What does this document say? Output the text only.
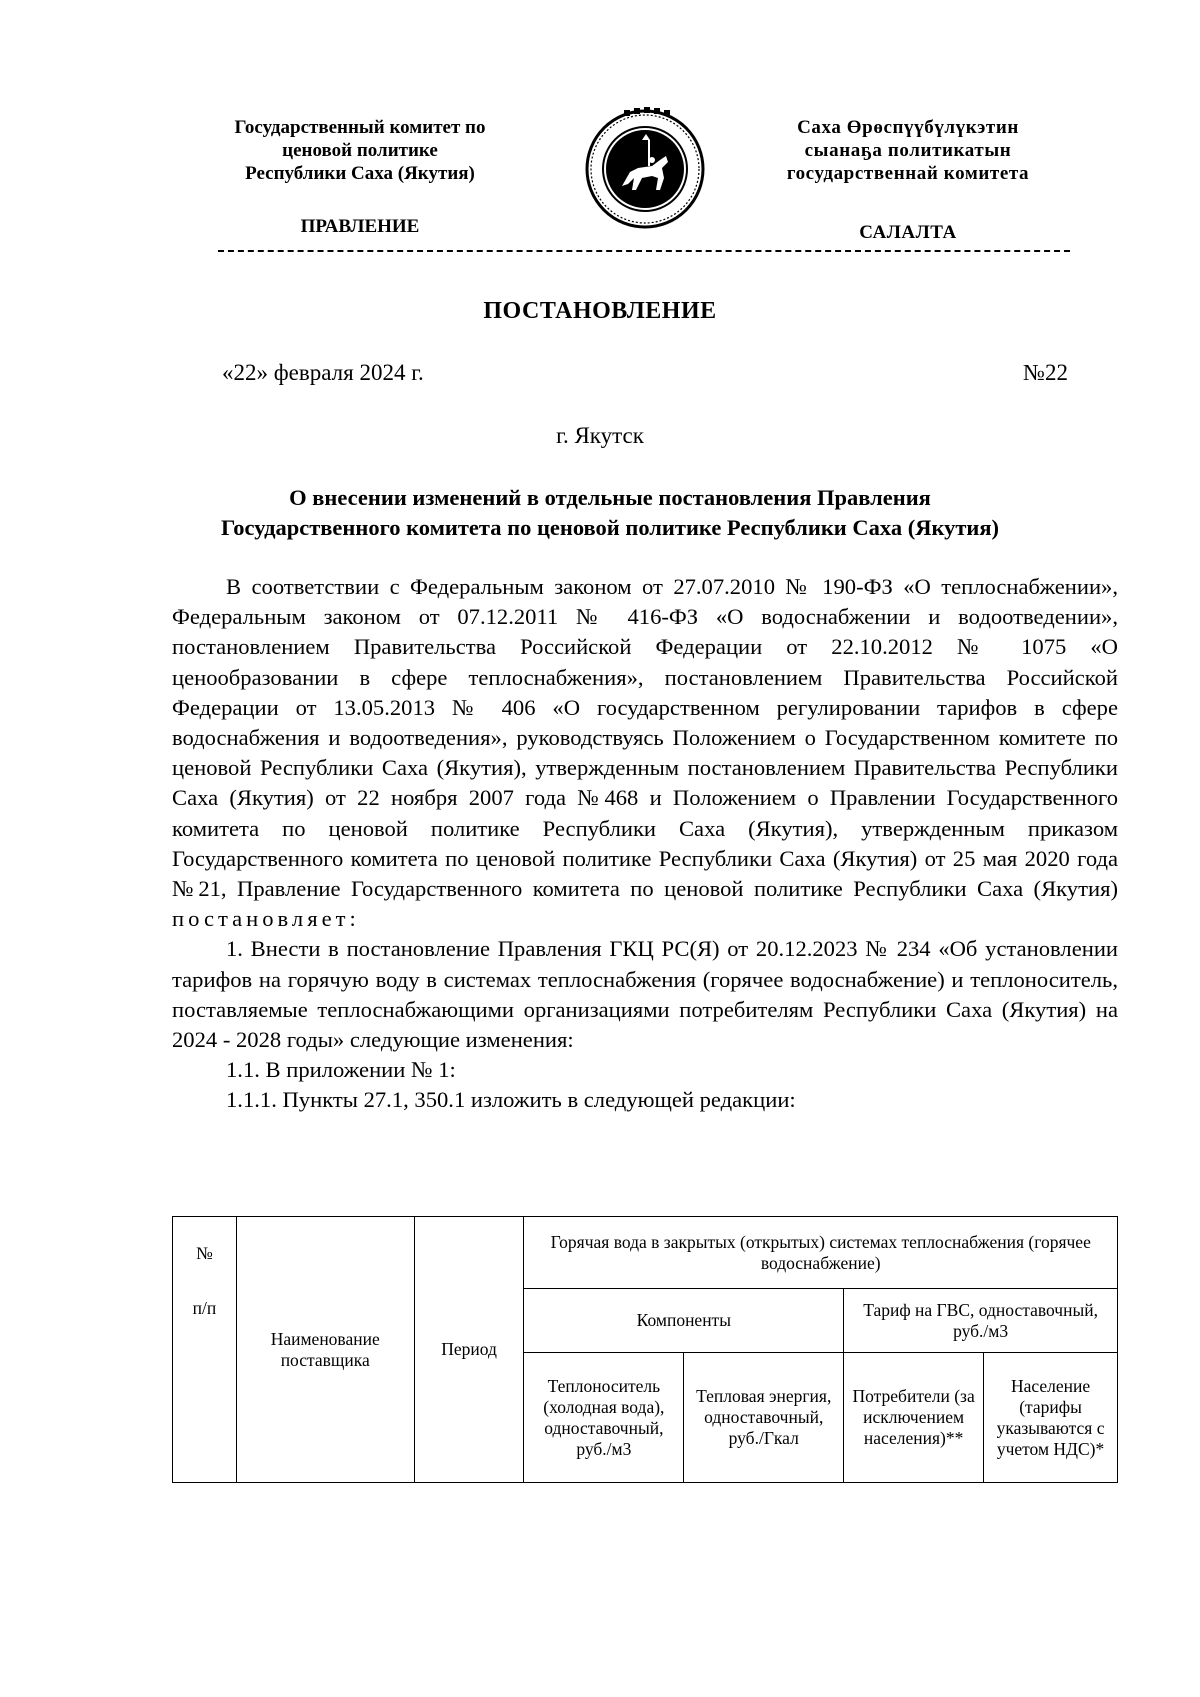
Государственный комитет по
ценовой политике
Республики Саха (Якутия)
ПРАВЛЕНИЕ
Саха Өрөспүүбүлүкэтин
сыанаҕа политикатын
государственнай комитета
САЛАЛТА
ПОСТАНОВЛЕНИЕ
«22» февраля 2024 г.	№22
г. Якутск
О внесении изменений в отдельные постановления Правления
Государственного комитета по ценовой политике Республики Саха (Якутия)

В соответствии с Федеральным законом от 27.07.2010 № 190-ФЗ «О теплоснабжении», Федеральным законом от 07.12.2011 № 416-ФЗ «О водоснабжении и водоотведении», постановлением Правительства Российской Федерации от 22.10.2012 № 1075 «О ценообразовании в сфере теплоснабжения», постановлением Правительства Российской Федерации от 13.05.2013 № 406 «О государственном регулировании тарифов в сфере водоснабжения и водоотведения», руководствуясь Положением о Государственном комитете по ценовой Республики Саха (Якутия), утвержденным постановлением Правительства Республики Саха (Якутия) от 22 ноября 2007 года №468 и Положением о Правлении Государственного комитета по ценовой политике Республики Саха (Якутия), утвержденным приказом Государственного комитета по ценовой политике Республики Саха (Якутия) от 25 мая 2020 года №21, Правление Государственного комитета по ценовой политике Республики Саха (Якутия) постановляет:

1. Внести в постановление Правления ГКЦ РС(Я) от 20.12.2023 № 234 «Об установлении тарифов на горячую воду в системах теплоснабжения (горячее водоснабжение) и теплоноситель, поставляемые теплоснабжающими организациями потребителям Республики Саха (Якутия) на 2024 - 2028 годы» следующие изменения:

1.1. В приложении № 1:

1.1.1. Пункты 27.1, 350.1 изложить в следующей редакции:

№
п/п	Наименование поставщика	Период	Горячая вода в закрытых (открытых) системах теплоснабжения (горячее водоснабжение)			
			Компоненты		Тариф на ГВС, одноставочный, руб./м3	
			Теплоноситель (холодная вода), одноставочный, руб./м3	Тепловая энергия, одноставочный, руб./Гкал	Потребители (за исключением населения)**	Население (тарифы указываются с учетом НДС)*
